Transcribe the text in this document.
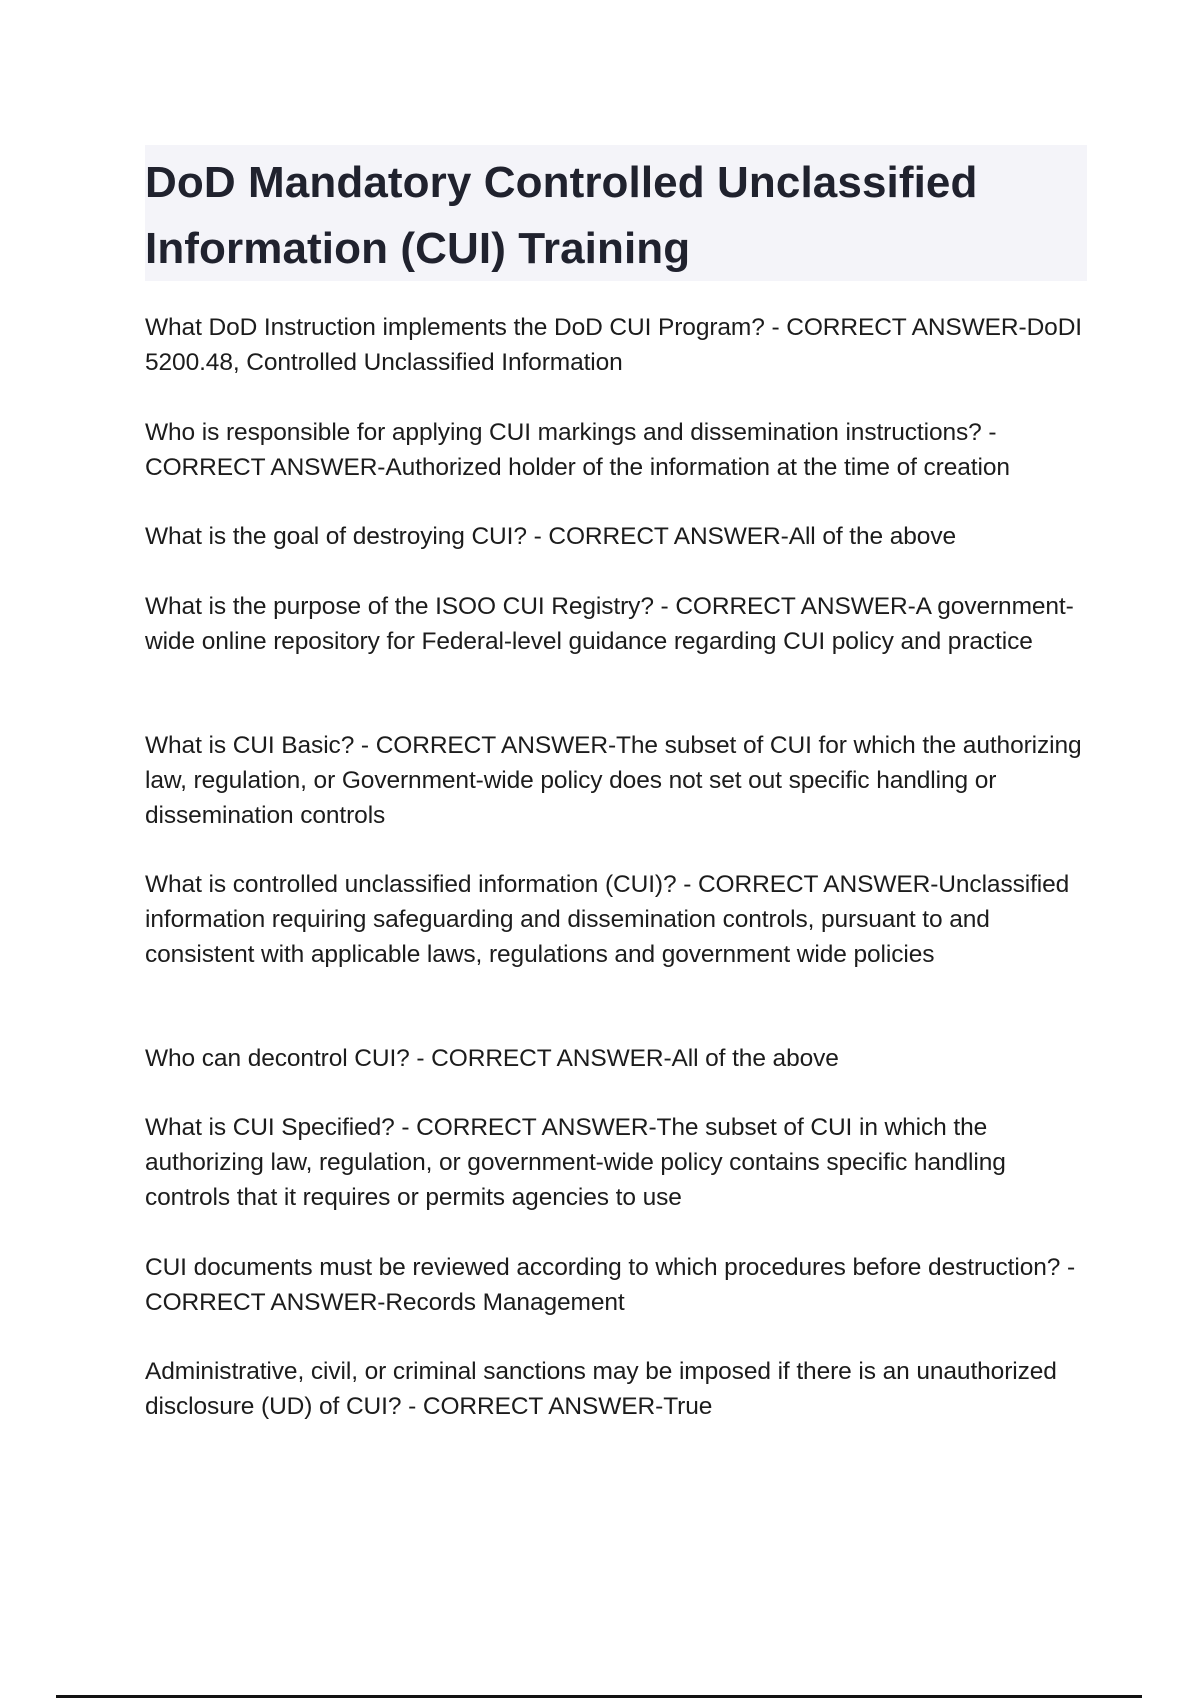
DoD Mandatory Controlled Unclassified Information (CUI) Training

What DoD Instruction implements the DoD CUI Program? - CORRECT ANSWER-DoDI 5200.48, Controlled Unclassified Information

Who is responsible for applying CUI markings and dissemination instructions? - CORRECT ANSWER-Authorized holder of the information at the time of creation

What is the goal of destroying CUI? - CORRECT ANSWER-All of the above

What is the purpose of the ISOO CUI Registry? - CORRECT ANSWER-A government-wide online repository for Federal-level guidance regarding CUI policy and practice

What is CUI Basic? - CORRECT ANSWER-The subset of CUI for which the authorizing law, regulation, or Government-wide policy does not set out specific handling or dissemination controls

What is controlled unclassified information (CUI)? - CORRECT ANSWER-Unclassified information requiring safeguarding and dissemination controls, pursuant to and consistent with applicable laws, regulations and government wide policies

Who can decontrol CUI? - CORRECT ANSWER-All of the above

What is CUI Specified? - CORRECT ANSWER-The subset of CUI in which the authorizing law, regulation, or government-wide policy contains specific handling controls that it requires or permits agencies to use

CUI documents must be reviewed according to which procedures before destruction? - CORRECT ANSWER-Records Management

Administrative, civil, or criminal sanctions may be imposed if there is an unauthorized disclosure (UD) of CUI? - CORRECT ANSWER-True
